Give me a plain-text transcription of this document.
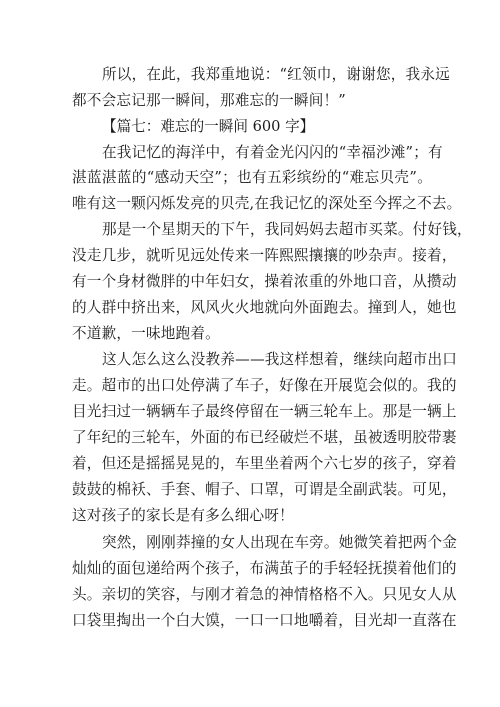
所以，在此，我郑重地说：“红领巾，谢谢您，我永远
都不会忘记那一瞬间，那难忘的一瞬间！”
【篇七：难忘的一瞬间 600 字】
在我记忆的海洋中，有着金光闪闪的“幸福沙滩”；有
湛蓝湛蓝的“感动天空”；也有五彩缤纷的“难忘贝壳”。
唯有这一颗闪烁发亮的贝壳,在我记忆的深处至今挥之不去。
那是一个星期天的下午，我同妈妈去超市买菜。付好钱，
没走几步，就听见远处传来一阵熙熙攘攘的吵杂声。接着，
有一个身材微胖的中年妇女，操着浓重的外地口音，从攒动
的人群中挤出来，风风火火地就向外面跑去。撞到人，她也
不道歉，一味地跑着。
这人怎么这么没教养——我这样想着，继续向超市出口
走。超市的出口处停满了车子，好像在开展览会似的。我的
目光扫过一辆辆车子最终停留在一辆三轮车上。那是一辆上
了年纪的三轮车，外面的布已经破烂不堪，虽被透明胶带裹
着，但还是摇摇晃晃的，车里坐着两个六七岁的孩子，穿着
鼓鼓的棉袄、手套、帽子、口罩，可谓是全副武装。可见，
这对孩子的家长是有多么细心呀！
突然，刚刚莽撞的女人出现在车旁。她微笑着把两个金
灿灿的面包递给两个孩子，布满茧子的手轻轻抚摸着他们的
头。亲切的笑容，与刚才着急的神情格格不入。只见女人从
口袋里掏出一个白大馍，一口一口地嚼着，目光却一直落在
